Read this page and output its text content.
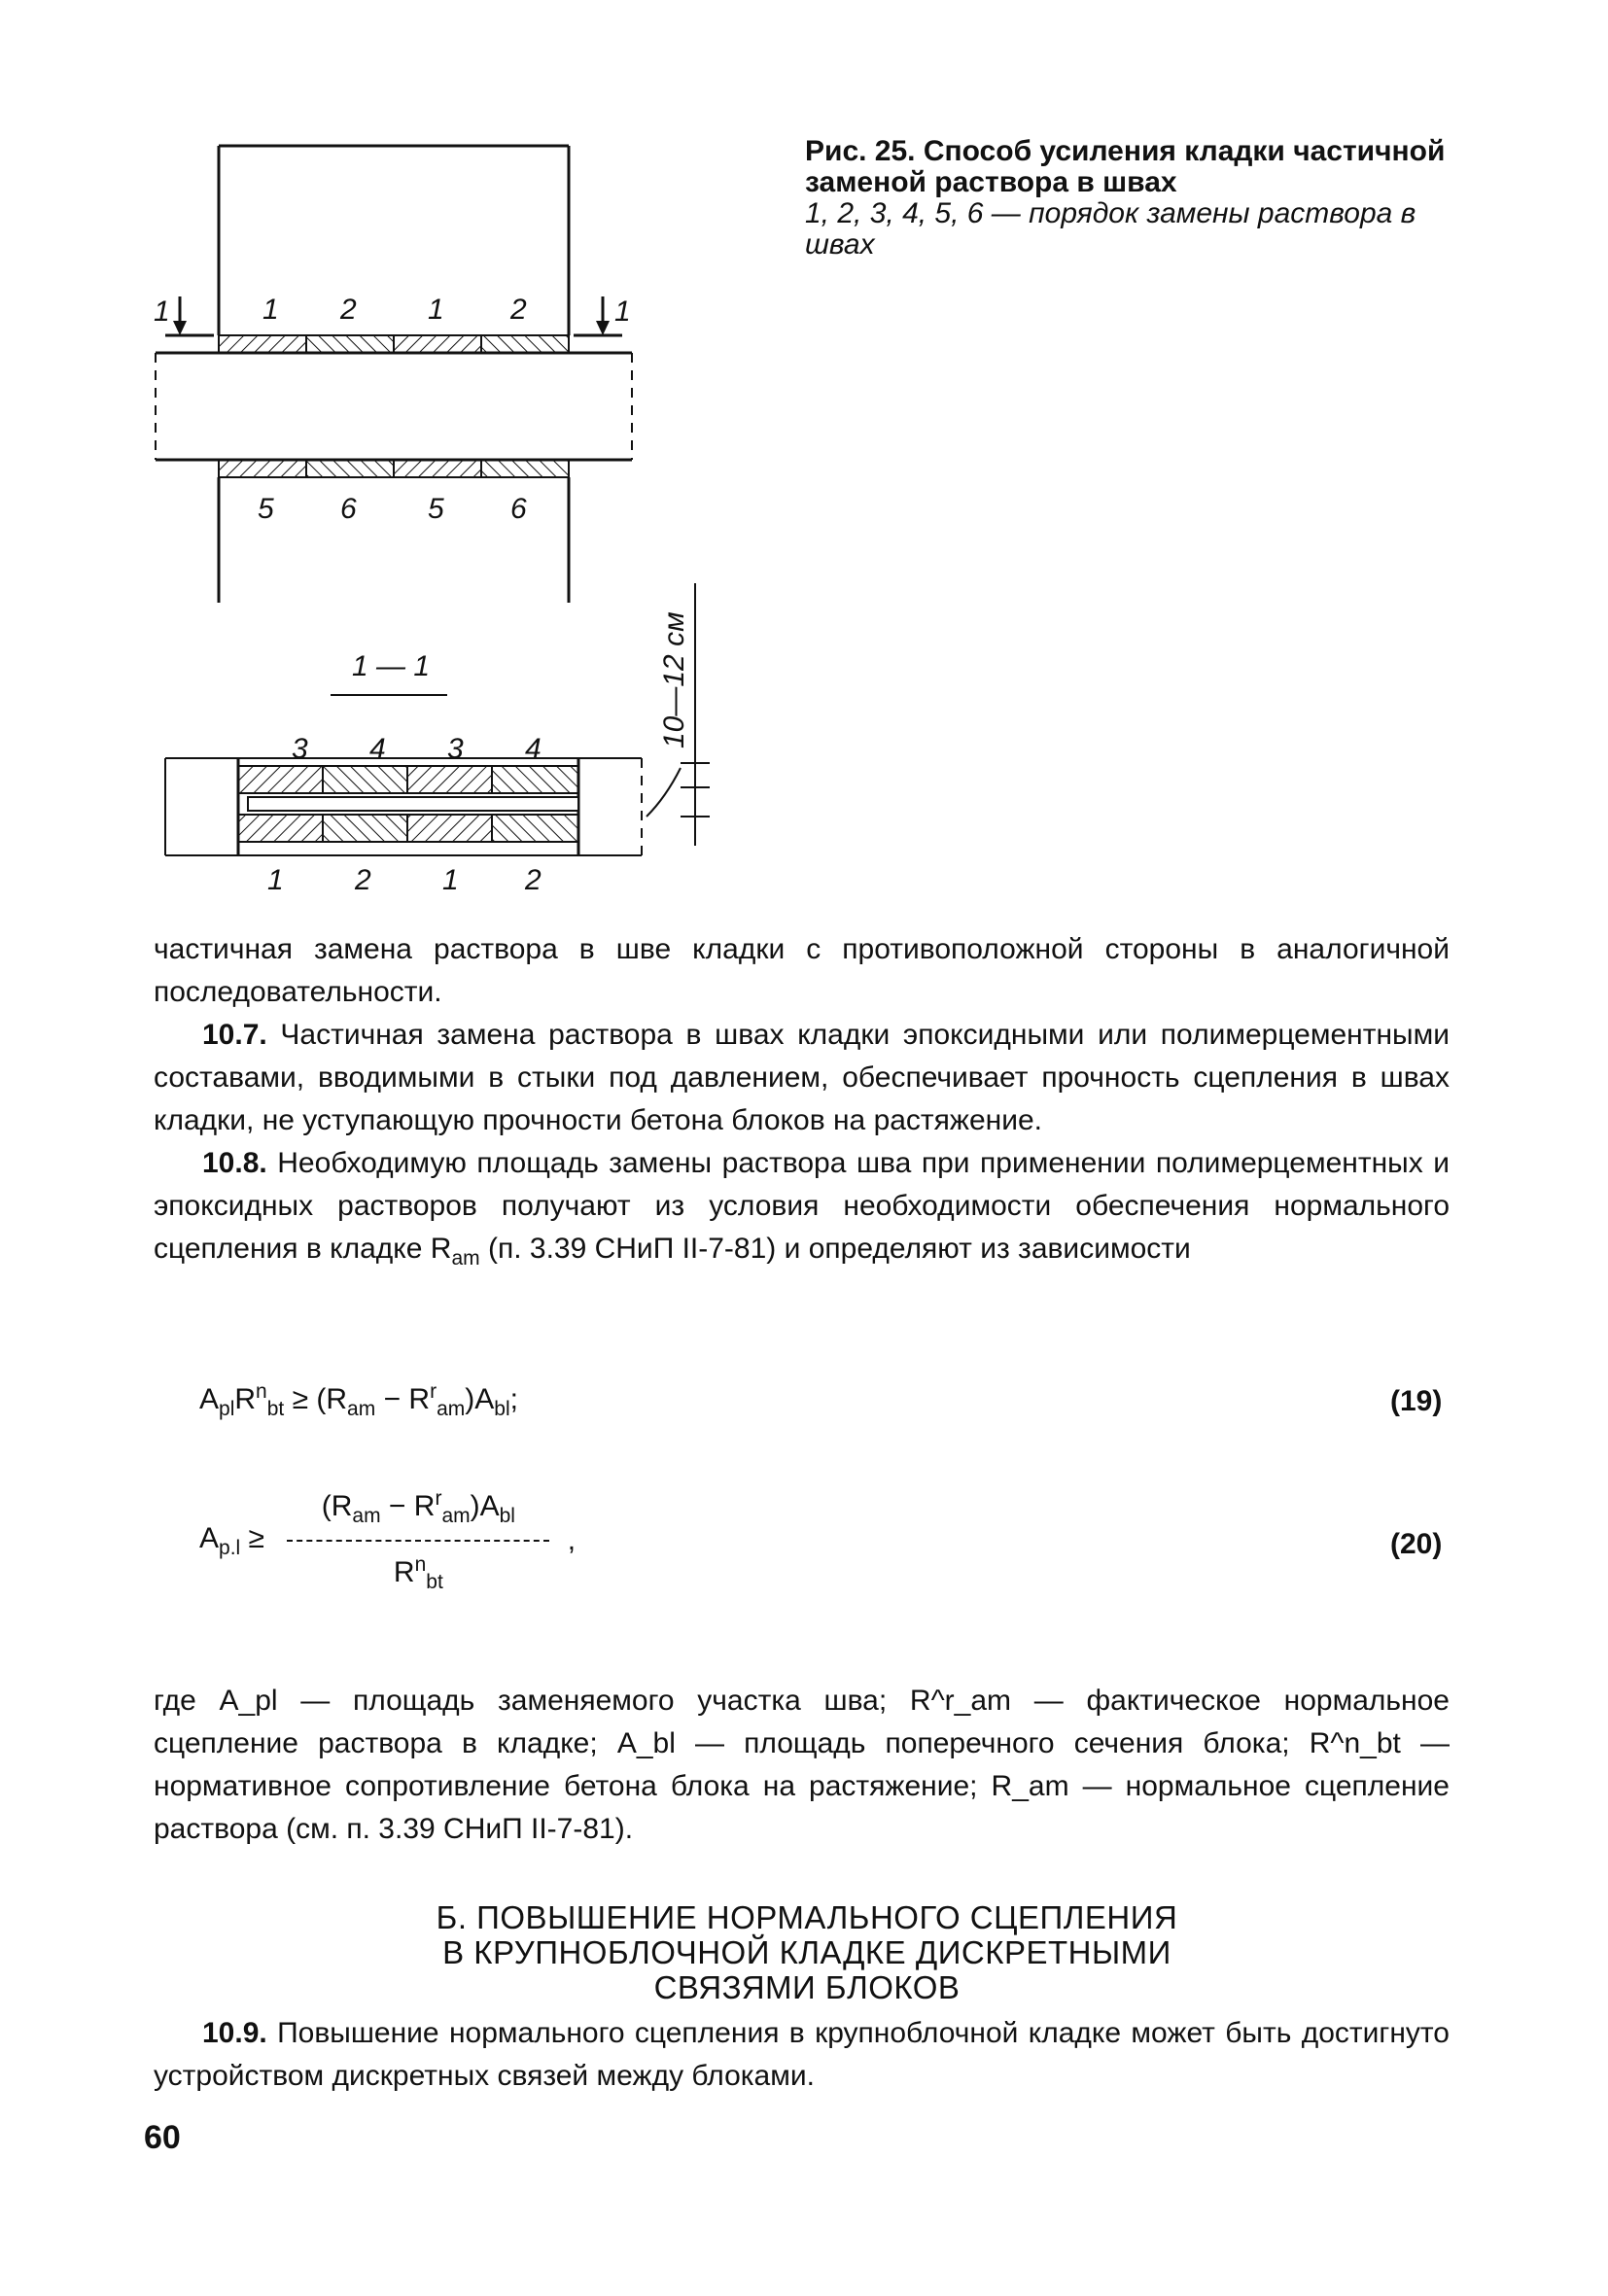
1	1
1 2 1 2
5 6 5 6
1 — 1
3 4 3 4
1 2 1 2
10—12 см
Рис. 25. Способ усиления кладки частичной заменой раствора в швах
1, 2, 3, 4, 5, 6 — порядок замены раствора в швах

частичная замена раствора в шве кладки с противоположной стороны в аналогичной последовательности.

10.7. Частичная замена раствора в швах кладки эпоксидными или полимерцементными составами, вводимыми в стыки под давлением, обеспечивает прочность сцепления в швах кладки, не уступающую прочности бетона блоков на растяжение.

10.8. Необходимую площадь замены раствора шва при применении полимерцементных и эпоксидных растворов получают из условия необходимости обеспечения нормального сцепления в кладке $R_{am}$ (п. 3.39 СНиП II-7-81) и определяют из зависимости

$A_{pl}R^n_{bt} \ge (R_{am} - R^r_{am})A_{bl}$;	(19)
$A_{p.l} \ge \frac{(R_{am} - R^r_{am})A_{bl}}{R^n_{bt}}$ ,	(20)

где A_pl — площадь заменяемого участка шва; R^r_am — фактическое нормальное сцепление раствора в кладке; A_bl — площадь поперечного сечения блока; R^n_bt — нормативное сопротивление бетона блока на растяжение; R_am — нормальное сцепление раствора (см. п. 3.39 СНиП II-7-81).

Б. ПОВЫШЕНИЕ НОРМАЛЬНОГО СЦЕПЛЕНИЯ
В КРУПНОБЛОЧНОЙ КЛАДКЕ ДИСКРЕТНЫМИ
СВЯЗЯМИ БЛОКОВ

10.9. Повышение нормального сцепления в крупноблочной кладке может быть достигнуто устройством дискретных связей между блоками.

60
